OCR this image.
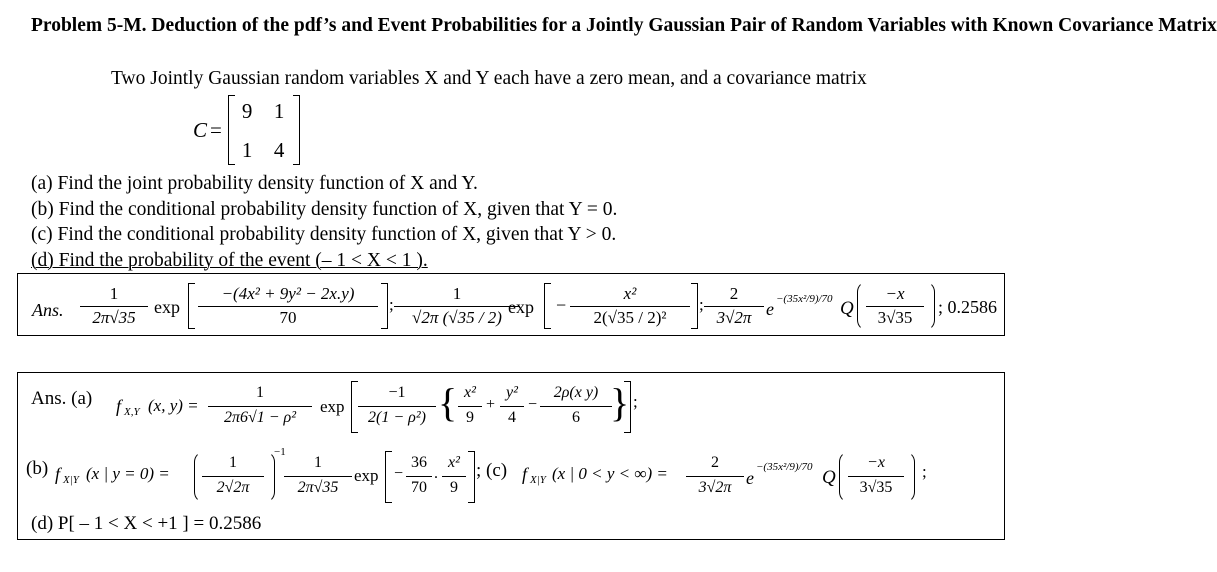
Problem 5-M. Deduction of the pdf’s and Event Probabilities for a Jointly Gaussian Pair of Random Variables with Known Covariance Matrix
Two Jointly Gaussian random variables X and Y each have a zero mean, and a covariance matrix
C =
9 1
1 4
(a) Find the joint probability density function of X and Y.
(b) Find the conditional probability density function of X, given that Y = 0.
(c) Find the conditional probability density function of X, given that Y > 0.
(d) Find the probability of the event (– 1 < X < 1 ).
Ans.
1
2π√35
exp
−(4x² + 9y² − 2x.y)
70
;
1
√2π (√35 / 2)
exp −
x²
2(√35 / 2)²
;
2
3√2π e −(35x²/9)/70 Q
−x
3√35
; 0.2586
Ans. (a) f X,Y (x, y) =
1
2π6√1 − ρ²
exp
−1
2(1 − ρ²) { x²
9
+
y²
4
−
2ρ(x y)
6 } ;
(b) f X|Y (x | y = 0) =
1
2√2π
−1
1
2π√35
exp −
36
70
.
x²
9
; (c) f X|Y (x | 0 < y < ∞) =
2
3√2π e
−(35x²/9)/70 Q
−x
3√35
;
(d) P[ – 1 < X < +1 ] = 0.2586
